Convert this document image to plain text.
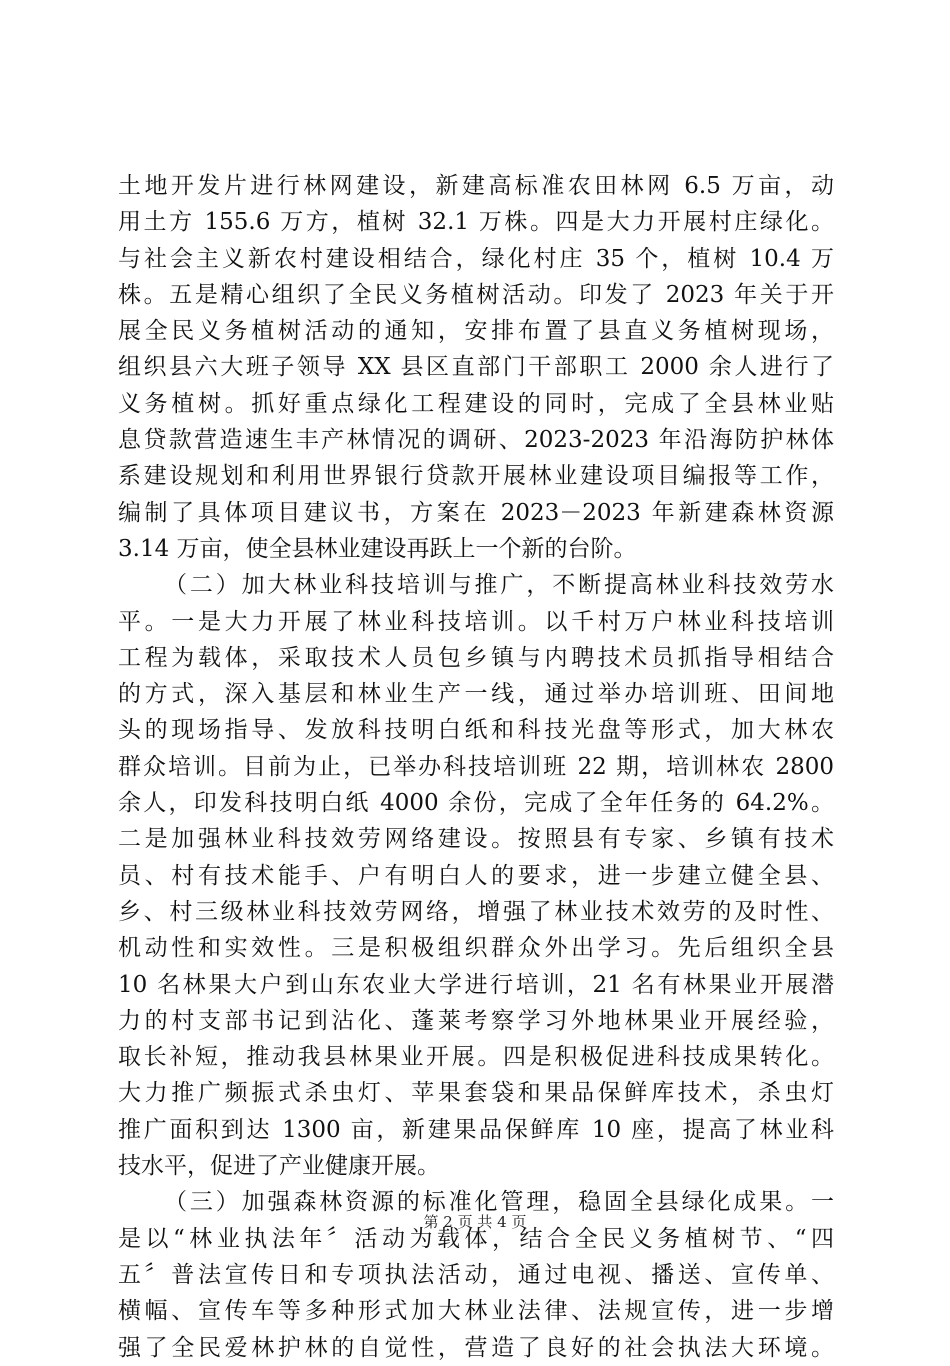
土地开发片进行林网建设，新建高标准农田林网 6.5 万亩，动
用土方 155.6 万方，植树 32.1 万株。四是大力开展村庄绿化。
与社会主义新农村建设相结合，绿化村庄 35 个，植树 10.4 万
株。五是精心组织了全民义务植树活动。印发了 2023 年关于开
展全民义务植树活动的通知，安排布置了县直义务植树现场，
组织县六大班子领导 XX 县区直部门干部职工 2000 余人进行了
义务植树。抓好重点绿化工程建设的同时，完成了全县林业贴
息贷款营造速生丰产林情况的调研、2023-2023 年沿海防护林体
系建设规划和利用世界银行贷款开展林业建设项目编报等工作，
编制了具体项目建议书，方案在 2023－2023 年新建森林资源
3.14 万亩，使全县林业建设再跃上一个新的台阶。
（二）加大林业科技培训与推广，不断提高林业科技效劳水
平。一是大力开展了林业科技培训。以千村万户林业科技培训
工程为载体，采取技术人员包乡镇与内聘技术员抓指导相结合
的方式，深入基层和林业生产一线，通过举办培训班、田间地
头的现场指导、发放科技明白纸和科技光盘等形式，加大林农
群众培训。目前为止，已举办科技培训班 22 期，培训林农 2800
余人，印发科技明白纸 4000 余份，完成了全年任务的 64.2%。
二是加强林业科技效劳网络建设。按照县有专家、乡镇有技术
员、村有技术能手、户有明白人的要求，进一步建立健全县、
乡、村三级林业科技效劳网络，增强了林业技术效劳的及时性、
机动性和实效性。三是积极组织群众外出学习。先后组织全县
10 名林果大户到山东农业大学进行培训，21 名有林果业开展潜
力的村支部书记到沾化、蓬莱考察学习外地林果业开展经验，
取长补短，推动我县林果业开展。四是积极促进科技成果转化。
大力推广频振式杀虫灯、苹果套袋和果品保鲜库技术，杀虫灯
推广面积到达 1300 亩，新建果品保鲜库 10 座，提高了林业科
技水平，促进了产业健康开展。
（三）加强森林资源的标准化管理，稳固全县绿化成果。一
是以“林业执法年〞活动为载体，结合全民义务植树节、“四
五〞普法宣传日和专项执法活动，通过电视、播送、宣传单、
横幅、宣传车等多种形式加大林业法律、法规宣传，进一步增
强了全民爱林护林的自觉性，营造了良好的社会执法大环境。
第 2 页 共 4 页
